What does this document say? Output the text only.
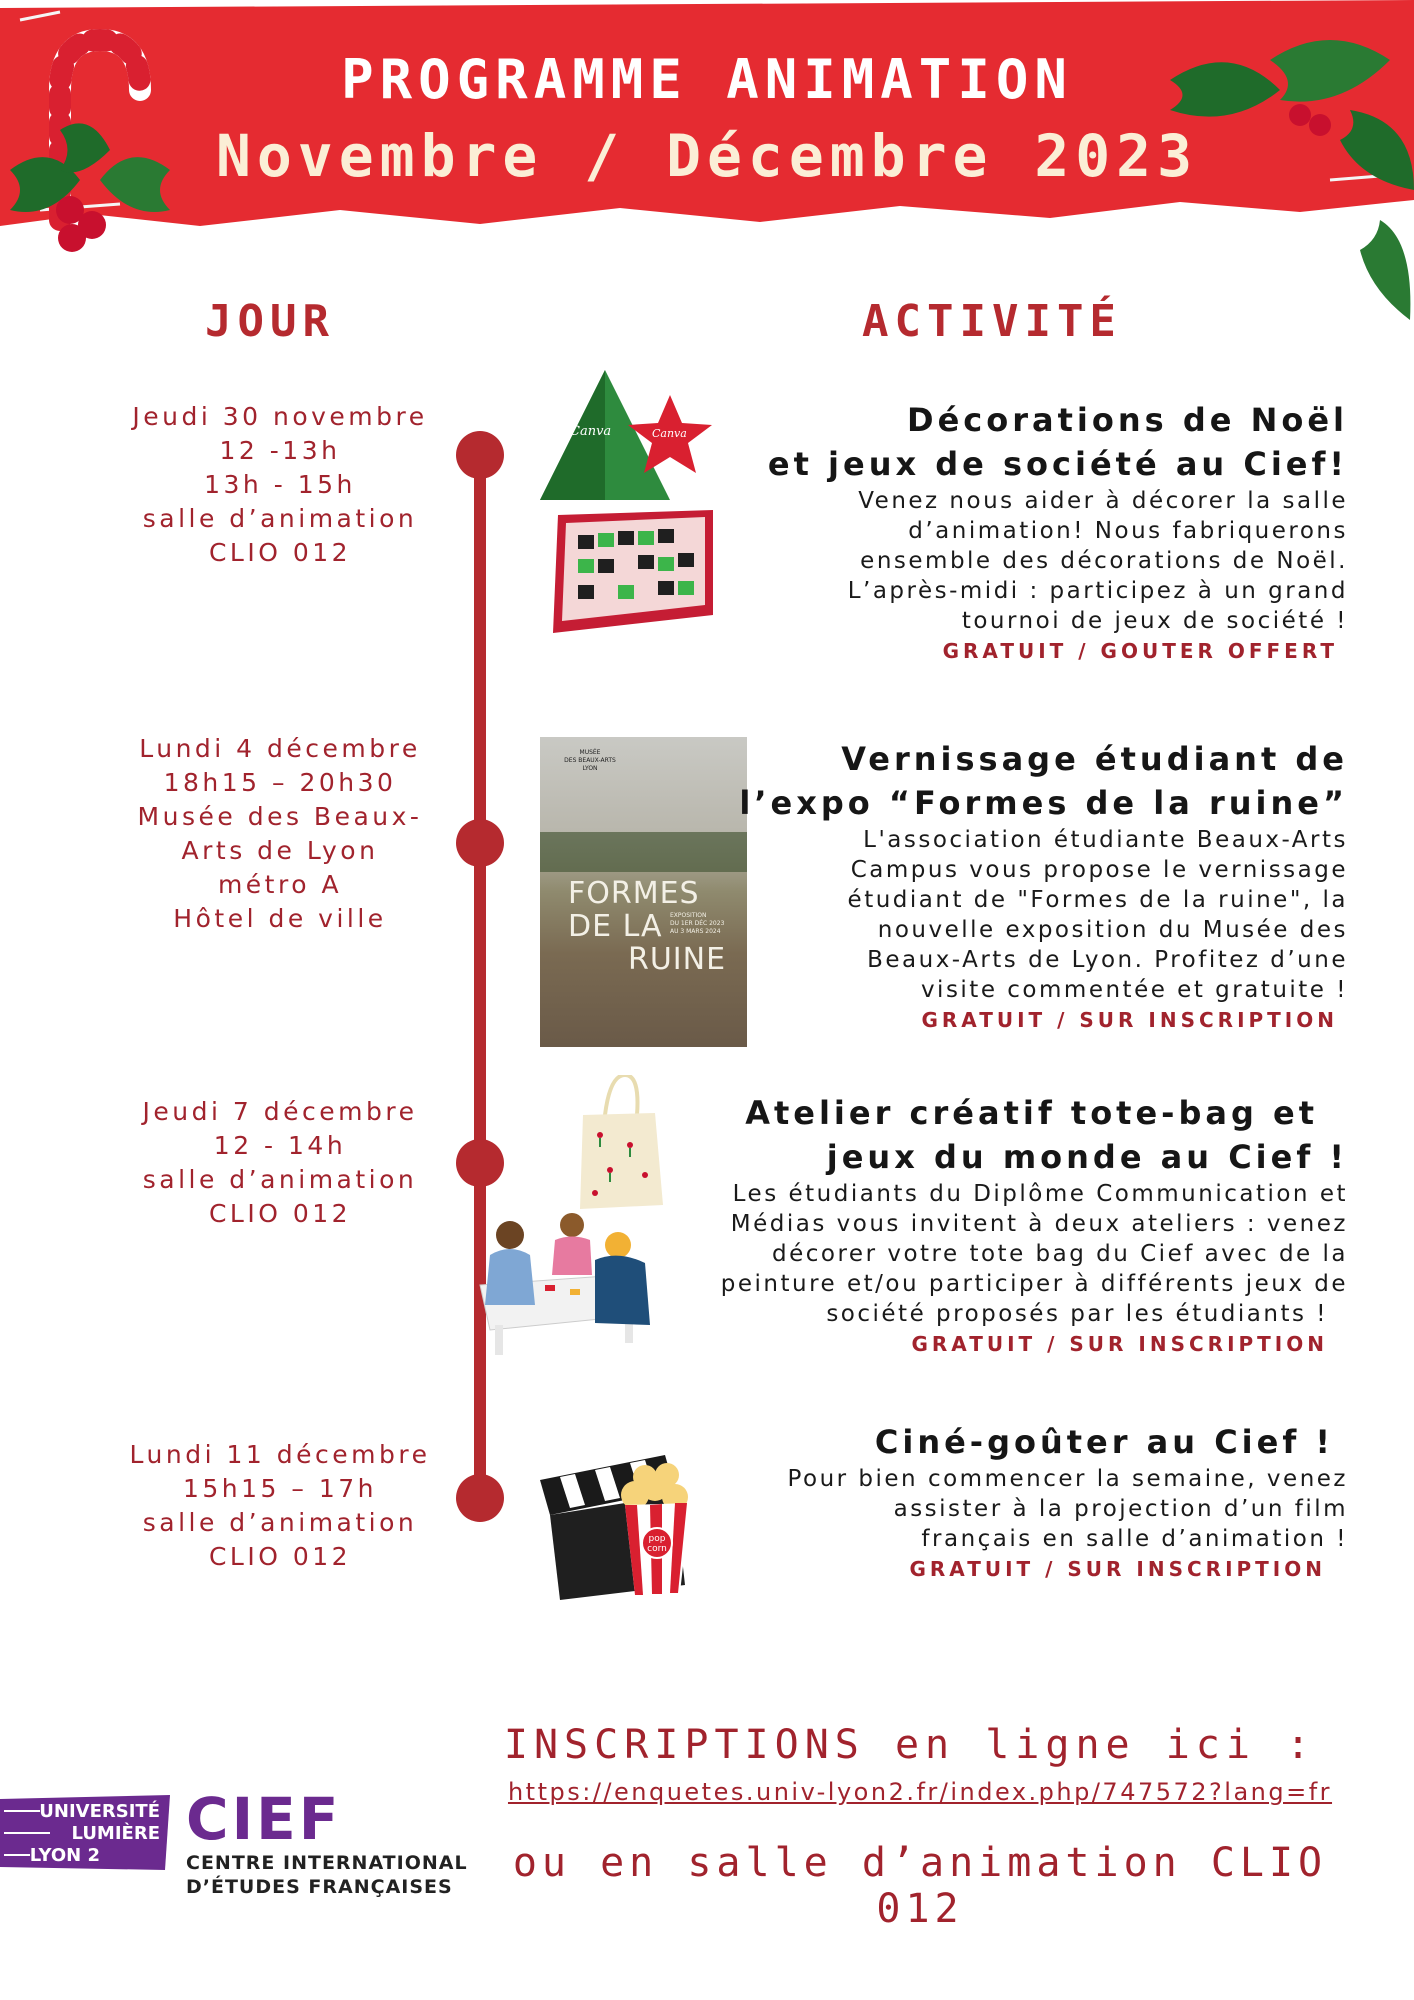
PROGRAMME ANIMATION
Novembre / Décembre 2023
JOUR	ACTIVITÉ
Jeudi 30 novembre
12 -13h
13h - 15h
salle d’animation
CLIO 012
Canva	Canva	Décorations de Noël
et jeux de société au Cief!
Venez nous aider à décorer la salle
d’animation! Nous fabriquerons
ensemble des décorations de Noël.
L’après-midi : participez à un grand
tournoi de jeux de société !
GRATUIT / GOUTER OFFERT
Lundi 4 décembre
18h15 – 20h30
Musée des Beaux-
Arts de Lyon
métro A
Hôtel de ville
MUSÉE
DES BEAUX-ARTS
LYON
FORMES
DE LA
RUINE
EXPOSITION
DU 1ER DÉC 2023
AU 3 MARS 2024
Vernissage étudiant de
l’expo “Formes de la ruine”
L'association étudiante Beaux-Arts
Campus vous propose le vernissage
étudiant de "Formes de la ruine", la
nouvelle exposition du Musée des
Beaux-Arts de Lyon. Profitez d’une
visite commentée et gratuite !
GRATUIT / SUR INSCRIPTION
Jeudi 7 décembre
12 - 14h
salle d’animation
CLIO 012
Atelier créatif tote-bag et
jeux du monde au Cief !
Les étudiants du Diplôme Communication et
Médias vous invitent à deux ateliers : venez
décorer votre tote bag du Cief avec de la
peinture et/ou participer à différents jeux de
société proposés par les étudiants !
GRATUIT / SUR INSCRIPTION
Lundi 11 décembre
15h15 – 17h
salle d’animation
CLIO 012
pop
corn
Ciné-goûter au Cief !
Pour bien commencer la semaine, venez
assister à la projection d’un film
français en salle d’animation !
GRATUIT / SUR INSCRIPTION
INSCRIPTIONS en ligne ici :
https://enquetes.univ-lyon2.fr/index.php/747572?lang=fr
ou en salle d’animation CLIO 012
UNIVERSITÉ
LUMIÈRE
LYON 2
CIEF
CENTRE INTERNATIONAL
D’ÉTUDES FRANÇAISES
